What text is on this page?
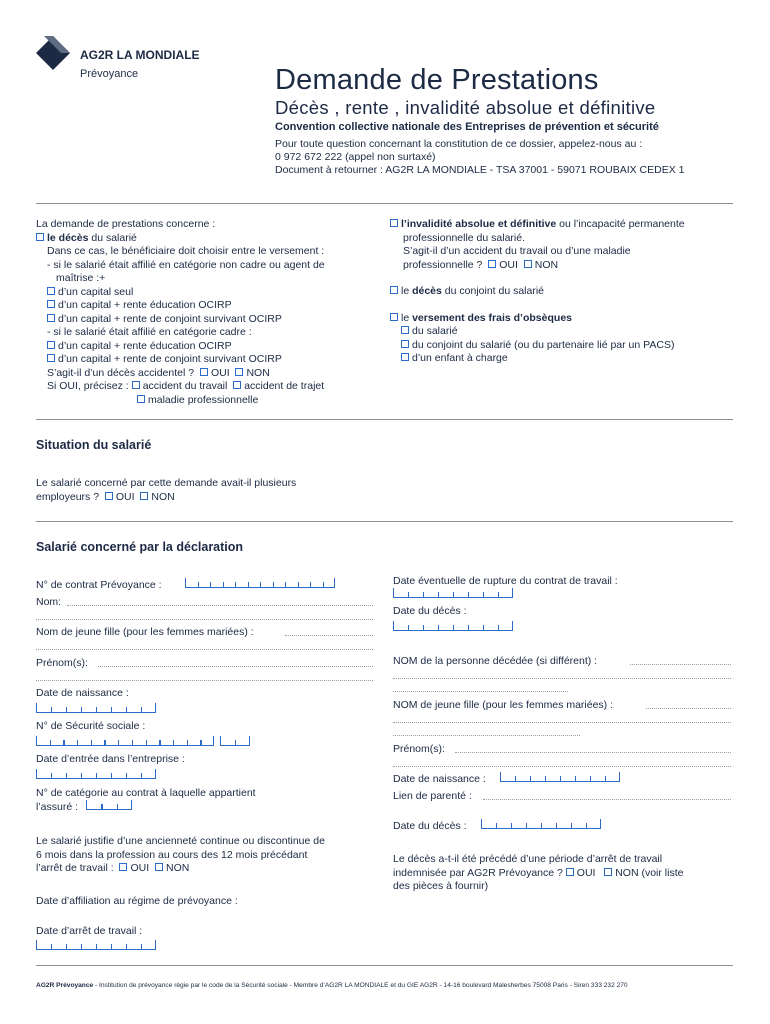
AG2R LA MONDIALE
Prévoyance	Demande de Prestations
Décès , rente , invalidité absolue et définitive
Convention collective nationale des Entreprises de prévention et sécurité
Pour toute question concernant la constitution de ce dossier, appelez-nous au :
0 972 672 222 (appel non surtaxé)
Document à retourner : AG2R LA MONDIALE - TSA 37001 - 59071 ROUBAIX CEDEX 1
La demande de prestations concerne :
le décès du salarié
Dans ce cas, le bénéficiaire doit choisir entre le versement :
- si le salarié était affilié en catégorie non cadre ou agent de
maîtrise :+
d’un capital seul
d’un capital + rente éducation OCIRP
d’un capital + rente de conjoint survivant OCIRP
- si le salarié était affilié en catégorie cadre :
d’un capital + rente éducation OCIRP
d’un capital + rente de conjoint survivant OCIRP
S’agit-il d’un décès accidentel ? OUI NON
Si OUI, précisez : accident du travail accident de trajet
maladie professionnelle
l’invalidité absolue et définitive ou l’incapacité permanente
professionnelle du salarié.
S’agit-il d’un accident du travail ou d’une maladie
professionnelle ? OUI NON
le décès du conjoint du salarié
le versement des frais d’obsèques
du salarié
du conjoint du salarié (ou du partenaire lié par un PACS)
d’un enfant à charge
Situation du salarié
Le salarié concerné par cette demande avait-il plusieurs
employeurs ? OUI NON
Salarié concerné par la déclaration
N° de contrat Prévoyance :
Nom:
Nom de jeune fille (pour les femmes mariées) :
Prénom(s):
Date de naissance :
N° de Sécurité sociale :
Date d’entrée dans l’entreprise :
N° de catégorie au contrat à laquelle appartient
l’assuré :
Le salarié justifie d’une ancienneté continue ou discontinue de
6 mois dans la profession au cours des 12 mois précédant
l’arrêt de travail : OUI NON
Date d’affiliation au régime de prévoyance :
Date d’arrêt de travail :
Date éventuelle de rupture du contrat de travail :
Date du décès :
NOM de la personne décédée (si différent) :
NOM de jeune fille (pour les femmes mariées) :
Prénom(s):
Date de naissance :
Lien de parenté :
Date du décès :
Le décès a-t-il été précédé d’une période d’arrêt de travail
indemnisée par AG2R Prévoyance ? OUI NON (voir liste
des pièces à fournir)
AG2R Prévoyance - Institution de prévoyance régie par le code de la Sécurité sociale - Membre d’AG2R LA MONDIALE et du GIE AG2R - 14-16 boulevard Malesherbes 75008 Paris - Siren 333 232 270
